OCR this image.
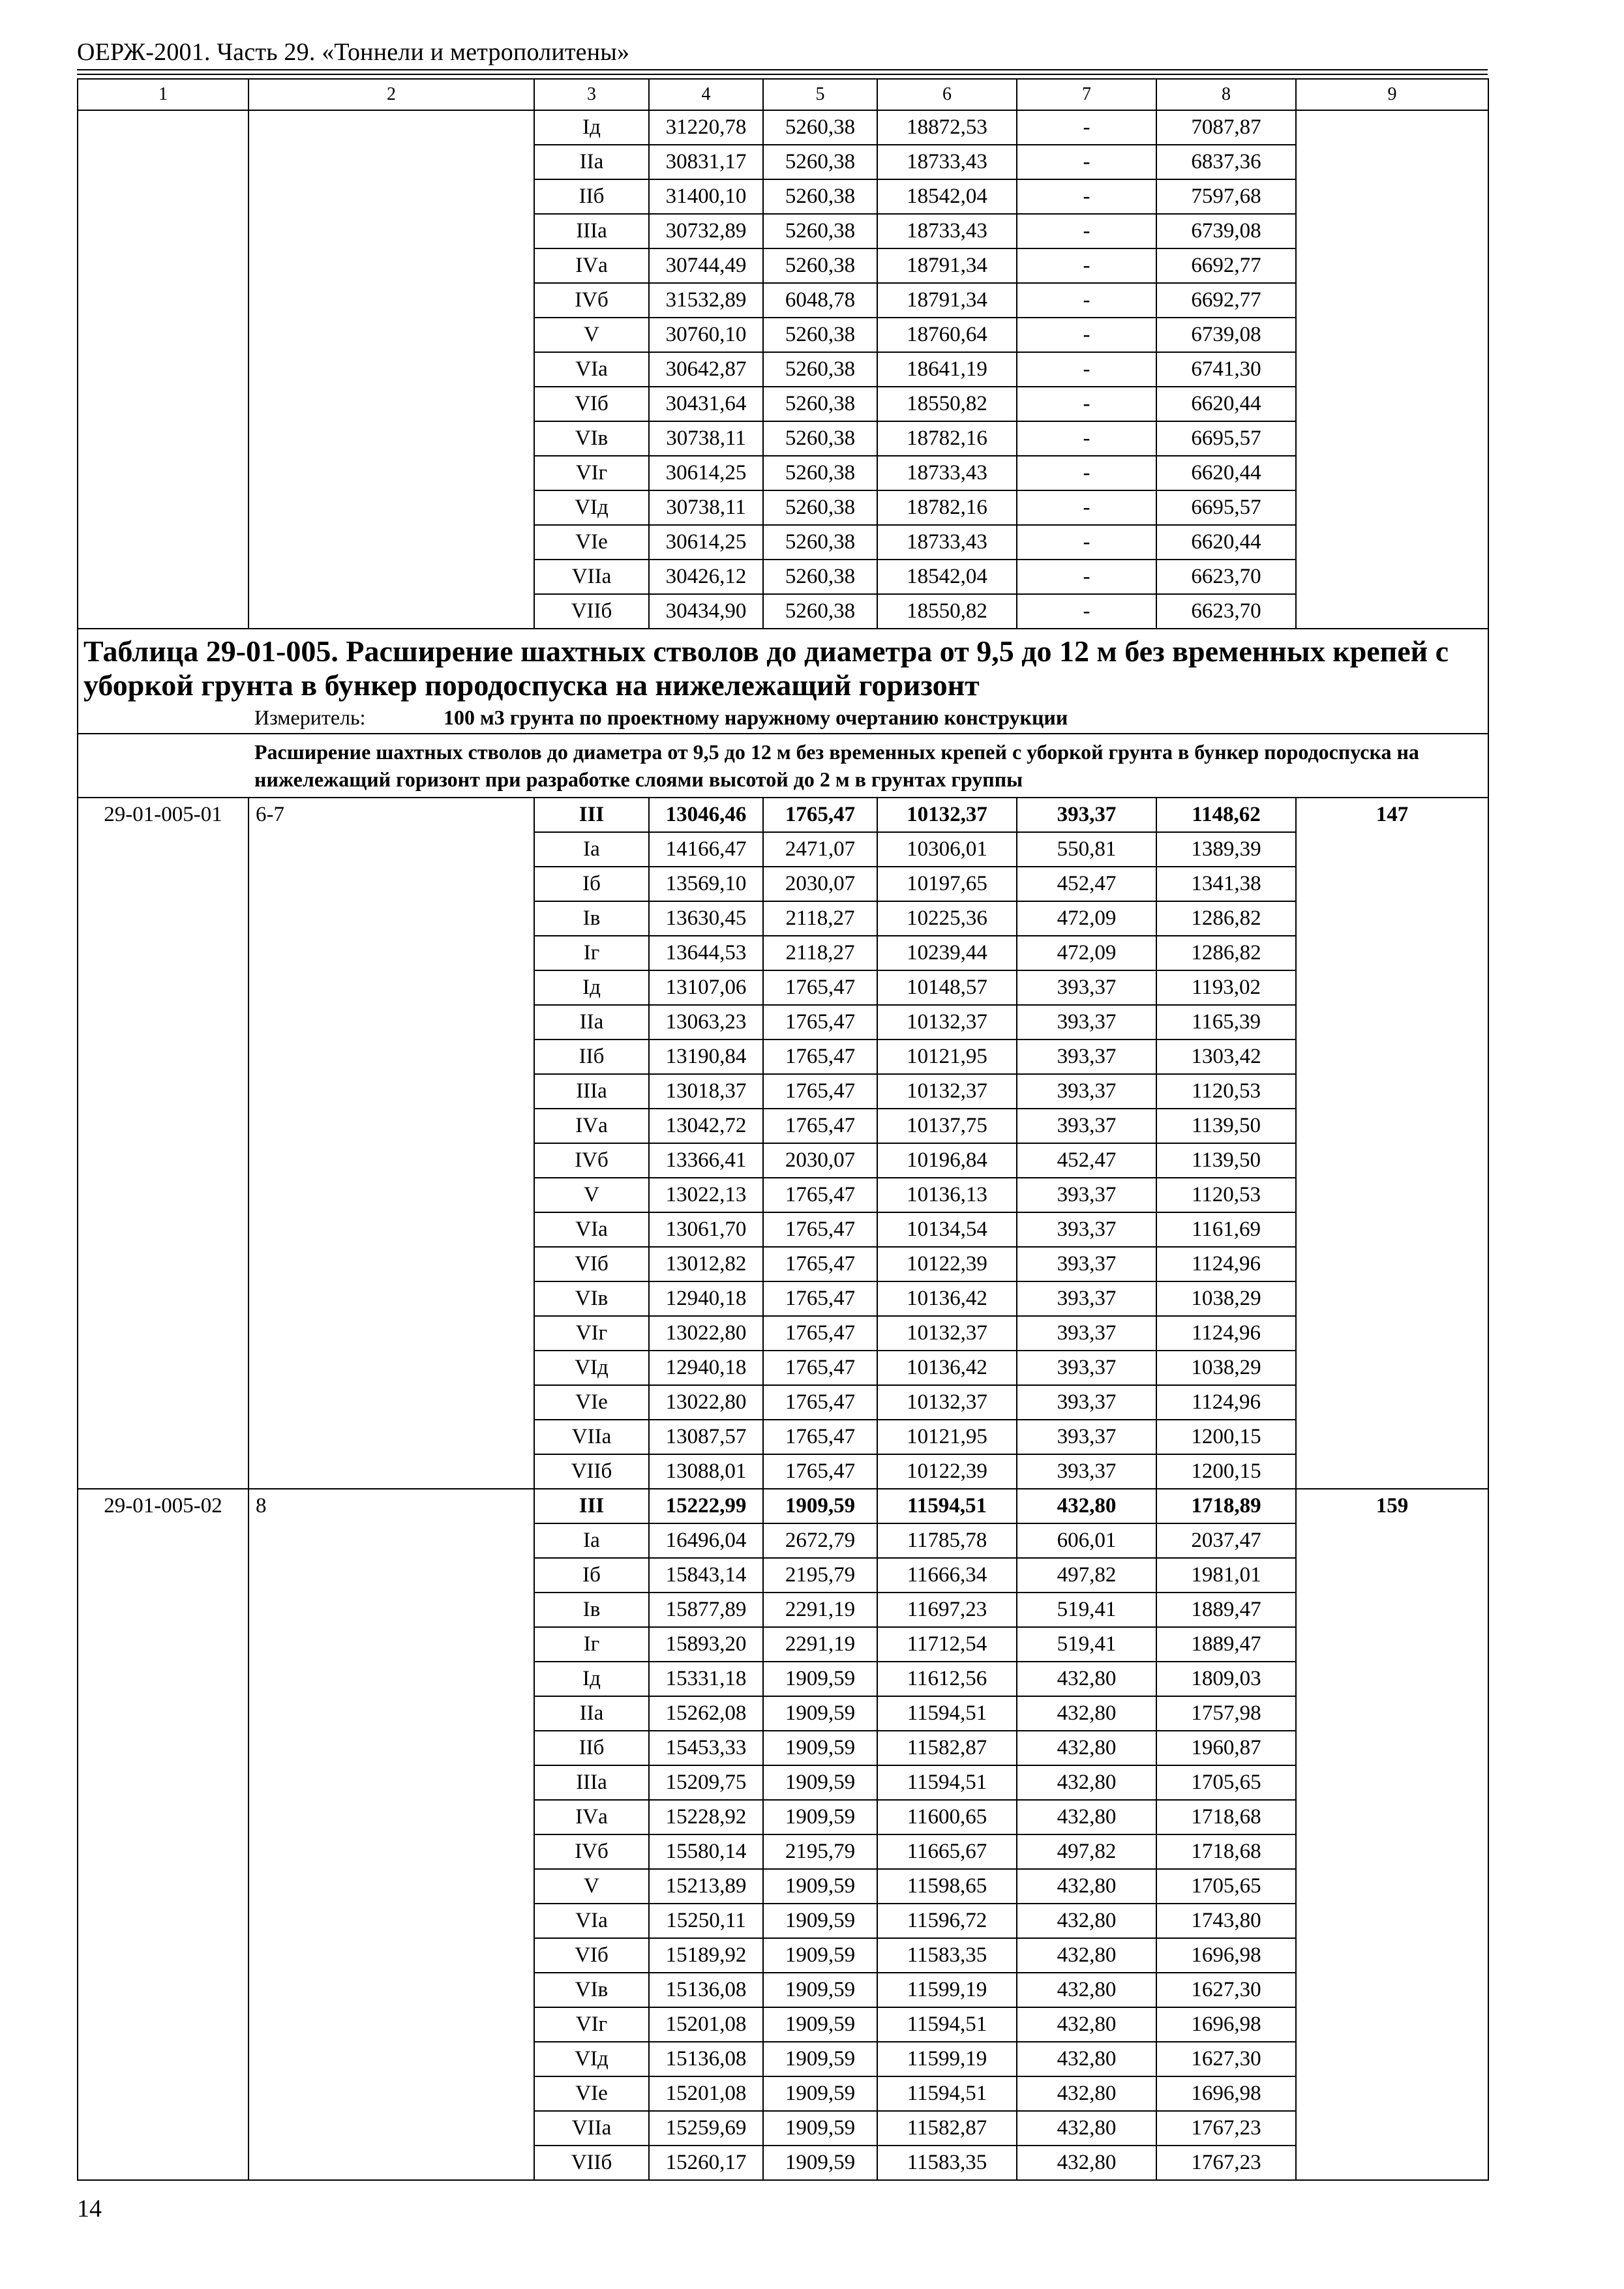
ОЕРЖ-2001. Часть 29. «Тоннели и метрополитены»
1	2	3	4	5	6	7	8	9
		Iд	31220,78	5260,38	18872,53	-	7087,87	
		IIа	30831,17	5260,38	18733,43	-	6837,36	
		IIб	31400,10	5260,38	18542,04	-	7597,68	
		IIIа	30732,89	5260,38	18733,43	-	6739,08	
		IVа	30744,49	5260,38	18791,34	-	6692,77	
		IVб	31532,89	6048,78	18791,34	-	6692,77	
		V	30760,10	5260,38	18760,64	-	6739,08	
		VIа	30642,87	5260,38	18641,19	-	6741,30	
		VIб	30431,64	5260,38	18550,82	-	6620,44	
		VIв	30738,11	5260,38	18782,16	-	6695,57	
		VIг	30614,25	5260,38	18733,43	-	6620,44	
		VIд	30738,11	5260,38	18782,16	-	6695,57	
		VIе	30614,25	5260,38	18733,43	-	6620,44	
		VIIа	30426,12	5260,38	18542,04	-	6623,70	
		VIIб	30434,90	5260,38	18550,82	-	6623,70	
Таблица 29-01-005. Расширение шахтных стволов до диаметра от 9,5 до 12 м без временных крепей с уборкой грунта в бункер породоспуска на нижележащий горизонт								
Измеритель: 100 м3 грунта по проектному наружному очертанию конструкции								
Расширение шахтных стволов до диаметра от 9,5 до 12 м без временных крепей с уборкой грунта в бункер породоспуска на нижележащий горизонт при разработке слоями высотой до 2 м в грунтах группы								
29-01-005-01	6-7	III	13046,46	1765,47	10132,37	393,37	1148,62	147
		Iа	14166,47	2471,07	10306,01	550,81	1389,39	
		Iб	13569,10	2030,07	10197,65	452,47	1341,38	
		Iв	13630,45	2118,27	10225,36	472,09	1286,82	
		Iг	13644,53	2118,27	10239,44	472,09	1286,82	
		Iд	13107,06	1765,47	10148,57	393,37	1193,02	
		IIа	13063,23	1765,47	10132,37	393,37	1165,39	
		IIб	13190,84	1765,47	10121,95	393,37	1303,42	
		IIIа	13018,37	1765,47	10132,37	393,37	1120,53	
		IVа	13042,72	1765,47	10137,75	393,37	1139,50	
		IVб	13366,41	2030,07	10196,84	452,47	1139,50	
		V	13022,13	1765,47	10136,13	393,37	1120,53	
		VIа	13061,70	1765,47	10134,54	393,37	1161,69	
		VIб	13012,82	1765,47	10122,39	393,37	1124,96	
		VIв	12940,18	1765,47	10136,42	393,37	1038,29	
		VIг	13022,80	1765,47	10132,37	393,37	1124,96	
		VIд	12940,18	1765,47	10136,42	393,37	1038,29	
		VIе	13022,80	1765,47	10132,37	393,37	1124,96	
		VIIа	13087,57	1765,47	10121,95	393,37	1200,15	
		VIIб	13088,01	1765,47	10122,39	393,37	1200,15	
29-01-005-02	8	III	15222,99	1909,59	11594,51	432,80	1718,89	159
		Iа	16496,04	2672,79	11785,78	606,01	2037,47	
		Iб	15843,14	2195,79	11666,34	497,82	1981,01	
		Iв	15877,89	2291,19	11697,23	519,41	1889,47	
		Iг	15893,20	2291,19	11712,54	519,41	1889,47	
		Iд	15331,18	1909,59	11612,56	432,80	1809,03	
		IIа	15262,08	1909,59	11594,51	432,80	1757,98	
		IIб	15453,33	1909,59	11582,87	432,80	1960,87	
		IIIа	15209,75	1909,59	11594,51	432,80	1705,65	
		IVа	15228,92	1909,59	11600,65	432,80	1718,68	
		IVб	15580,14	2195,79	11665,67	497,82	1718,68	
		V	15213,89	1909,59	11598,65	432,80	1705,65	
		VIа	15250,11	1909,59	11596,72	432,80	1743,80	
		VIб	15189,92	1909,59	11583,35	432,80	1696,98	
		VIв	15136,08	1909,59	11599,19	432,80	1627,30	
		VIг	15201,08	1909,59	11594,51	432,80	1696,98	
		VIд	15136,08	1909,59	11599,19	432,80	1627,30	
		VIе	15201,08	1909,59	11594,51	432,80	1696,98	
		VIIа	15259,69	1909,59	11582,87	432,80	1767,23	
		VIIб	15260,17	1909,59	11583,35	432,80	1767,23	
14
